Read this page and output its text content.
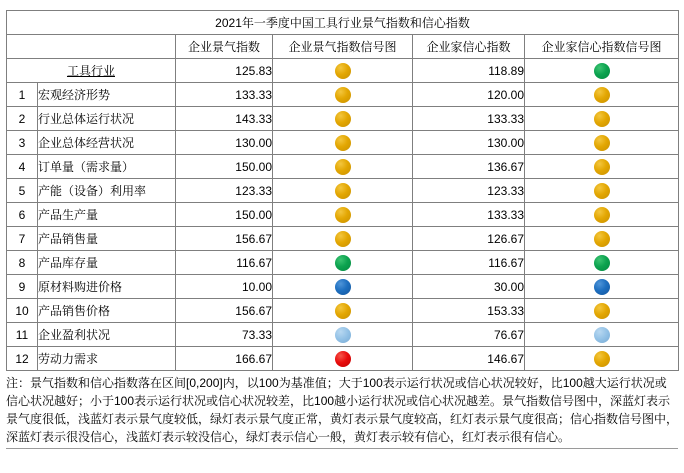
2021年一季度中国工具行业景气指数和信心指数					
		企业景气指数	企业景气指数信号图	企业家信心指数	企业家信心指数信号图
工具行业		125.83		118.89	
1	宏观经济形势	133.33		120.00	
2	行业总体运行状况	143.33		133.33	
3	企业总体经营状况	130.00		130.00	
4	订单量（需求量）	150.00		136.67	
5	产能（设备）利用率	123.33		123.33	
6	产品生产量	150.00		133.33	
7	产品销售量	156.67		126.67	
8	产品库存量	116.67		116.67	
9	原材料购进价格	10.00		30.00	
10	产品销售价格	156.67		153.33	
11	企业盈利状况	73.33		76.67	
12	劳动力需求	166.67		146.67	
注：景气指数和信心指数落在区间[0,200]内，以100为基准值；大于100表示运行状况或信心状况较好，比100越大运行状况或信心状况越好；小于100表示运行状况或信心状况较差，比100越小运行状况或信心状况越差。景气指数信号图中，深蓝灯表示景气度很低，浅蓝灯表示景气度较低，绿灯表示景气度正常，黄灯表示景气度较高，红灯表示景气度很高；信心指数信号图中，深蓝灯表示很没信心，浅蓝灯表示较没信心，绿灯表示信心一般，黄灯表示较有信心，红灯表示很有信心。
